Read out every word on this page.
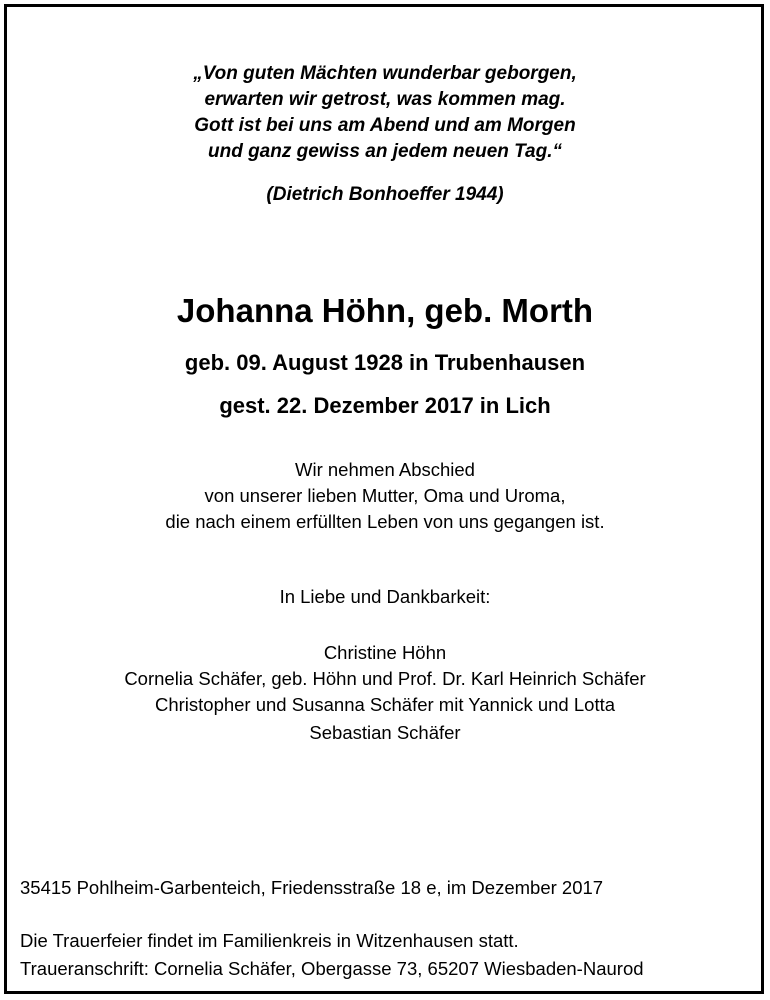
„Von guten Mächten wunderbar geborgen,
erwarten wir getrost, was kommen mag.
Gott ist bei uns am Abend und am Morgen
und ganz gewiss an jedem neuen Tag.“
(Dietrich Bonhoeffer 1944)
Johanna Höhn, geb. Morth
geb. 09. August 1928 in Trubenhausen
gest. 22. Dezember 2017 in Lich
Wir nehmen Abschied
von unserer lieben Mutter, Oma und Uroma,
die nach einem erfüllten Leben von uns gegangen ist.
In Liebe und Dankbarkeit:
Christine Höhn
Cornelia Schäfer, geb. Höhn und Prof. Dr. Karl Heinrich Schäfer
Christopher und Susanna Schäfer mit Yannick und Lotta
Sebastian Schäfer
35415 Pohlheim-Garbenteich, Friedensstraße 18 e, im Dezember 2017
Die Trauerfeier findet im Familienkreis in Witzenhausen statt.
Traueranschrift: Cornelia Schäfer, Obergasse 73, 65207 Wiesbaden-Naurod
